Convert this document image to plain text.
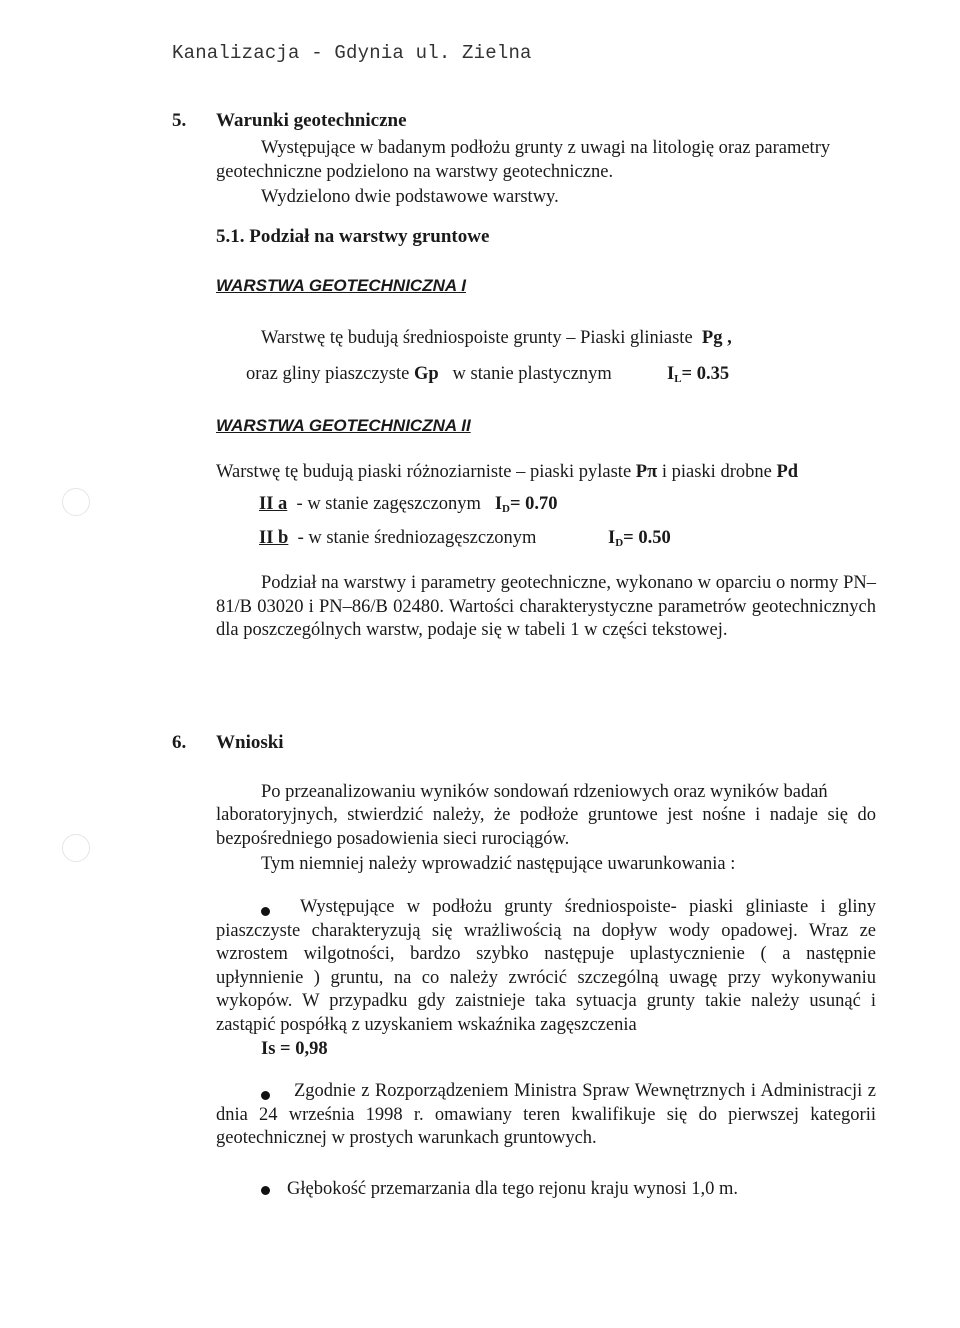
Kanalizacja - Gdynia ul. Zielna
5. Warunki geotechniczne
Występujące w badanym podłożu grunty z uwagi na litologię oraz parametry
geotechniczne podzielono na warstwy geotechniczne.
Wydzielono dwie podstawowe warstwy.
5.1. Podział na warstwy gruntowe
WARSTWA GEOTECHNICZNA I
Warstwę tę budują średniospoiste grunty – Piaski gliniaste Pg ,
oraz gliny piaszczyste Gp w stanie plastycznym	$I_L= 0.35$
WARSTWA GEOTECHNICZNA II
Warstwę tę budują piaski różnoziarniste – piaski pylaste Pπ i piaski drobne Pd
II a - w stanie zagęszczonym $I_D= 0.70$
II b - w stanie średniozagęszczonym	$I_D= 0.50$
Podział na warstwy i parametry geotechniczne, wykonano w oparciu o normy PN–81/B 03020 i PN–86/B 02480. Wartości charakterystyczne parametrów geotechnicznych dla poszczególnych warstw, podaje się w tabeli 1 w części tekstowej.
6. Wnioski
Po przeanalizowaniu wyników sondowań rdzeniowych oraz wyników badań
laboratoryjnych, stwierdzić należy, że podłoże gruntowe jest nośne i nadaje się do bezpośredniego posadowienia sieci rurociągów.
Tym niemniej należy wprowadzić następujące uwarunkowania :
Występujące w podłożu grunty średniospoiste- piaski gliniaste i gliny piaszczyste charakteryzują się wrażliwością na dopływ wody opadowej. Wraz ze wzrostem wilgotności, bardzo szybko następuje uplastycznienie ( a następnie upłynnienie ) gruntu, na co należy zwrócić szczególną uwagę przy wykonywaniu wykopów. W przypadku gdy zaistnieje taka sytuacja grunty takie należy usunąć i zastąpić pospółką z uzyskaniem wskaźnika zagęszczenia
Is = 0,98
Zgodnie z Rozporządzeniem Ministra Spraw Wewnętrznych i Administracji z dnia 24 września 1998 r. omawiany teren kwalifikuje się do pierwszej kategorii geotechnicznej w prostych warunkach gruntowych.
Głębokość przemarzania dla tego rejonu kraju wynosi 1,0 m.
